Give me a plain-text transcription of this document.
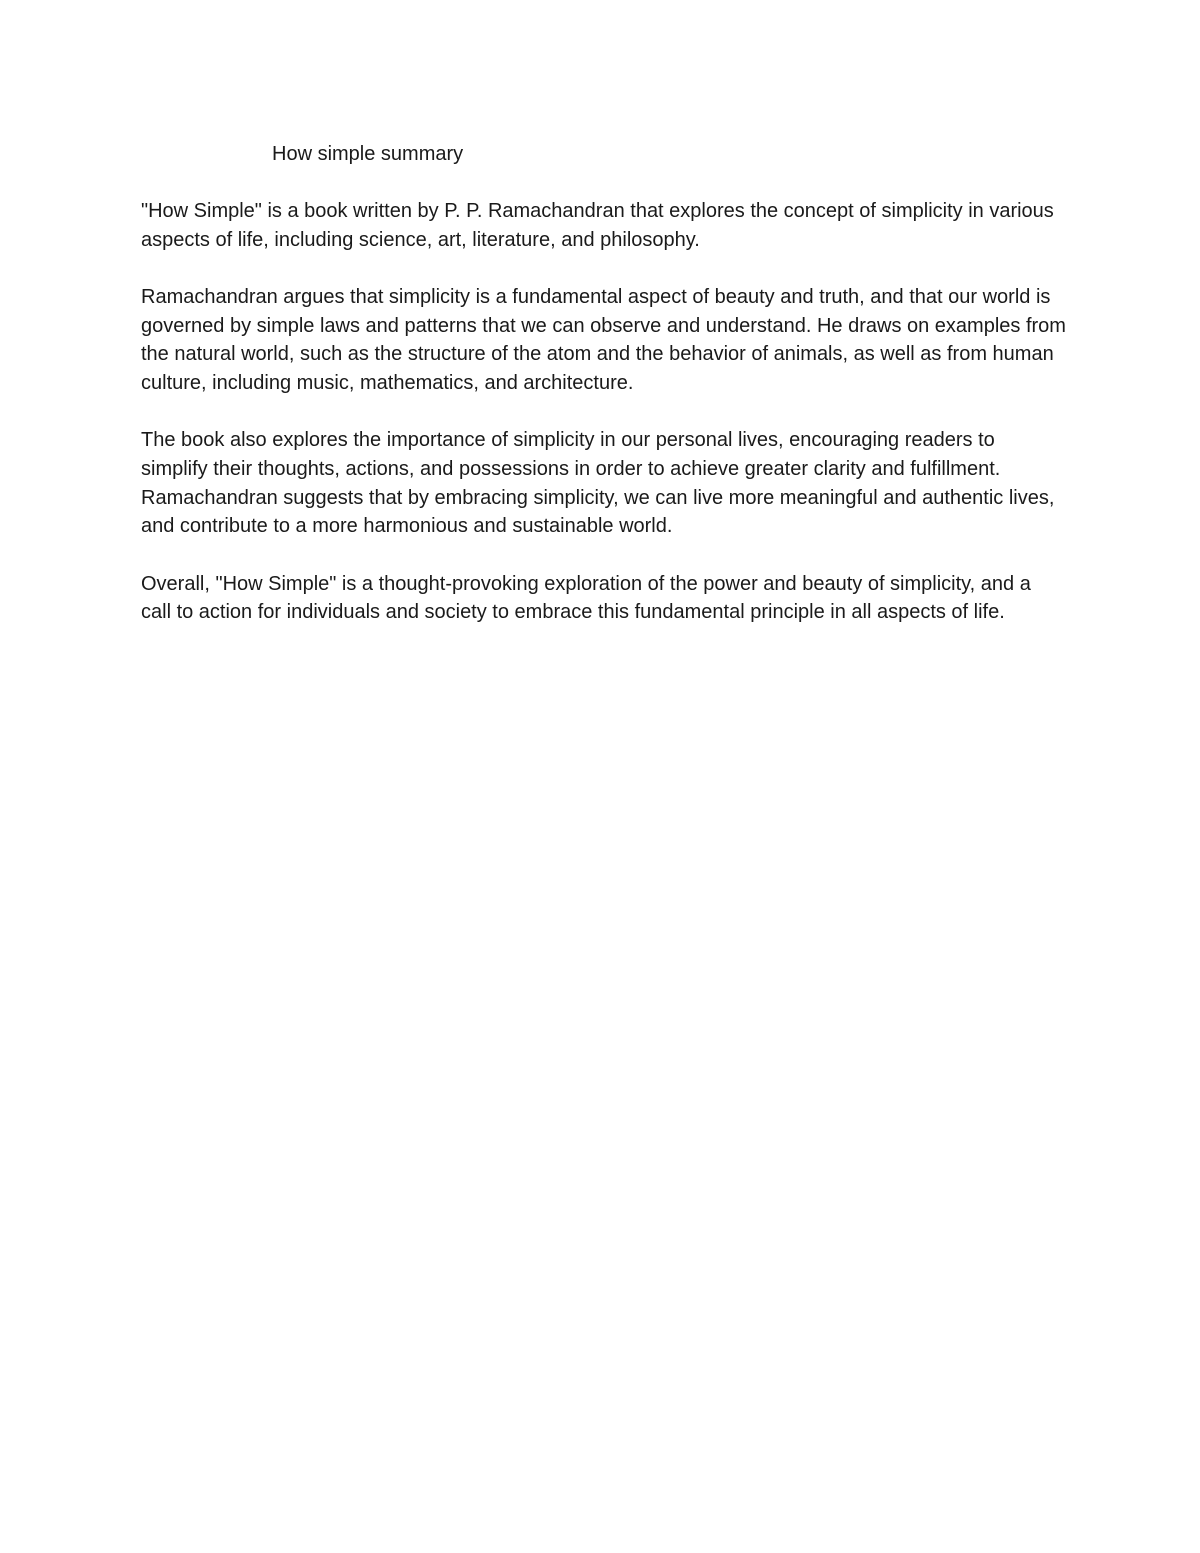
How simple summary

"How Simple" is a book written by P. P. Ramachandran that explores the concept of simplicity in various aspects of life, including science, art, literature, and philosophy.

Ramachandran argues that simplicity is a fundamental aspect of beauty and truth, and that our world is governed by simple laws and patterns that we can observe and understand. He draws on examples from the natural world, such as the structure of the atom and the behavior of animals, as well as from human culture, including music, mathematics, and architecture.

The book also explores the importance of simplicity in our personal lives, encouraging readers to simplify their thoughts, actions, and possessions in order to achieve greater clarity and fulfillment. Ramachandran suggests that by embracing simplicity, we can live more meaningful and authentic lives, and contribute to a more harmonious and sustainable world.

Overall, "How Simple" is a thought-provoking exploration of the power and beauty of simplicity, and a call to action for individuals and society to embrace this fundamental principle in all aspects of life.
